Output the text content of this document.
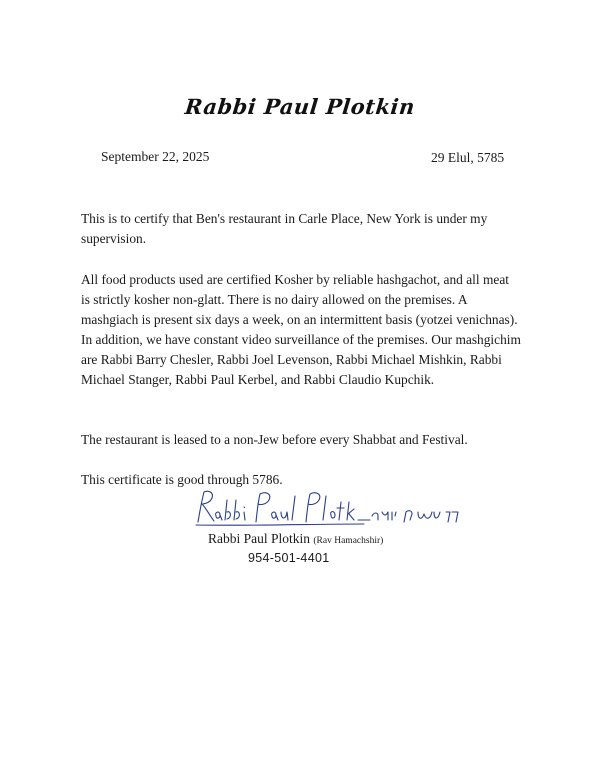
Rabbi Paul Plotkin
September 22, 2025	29 Elul, 5785

This is to certify that Ben's restaurant in Carle Place, New York is under my supervision.

All food products used are certified Kosher by reliable hashgachot, and all meat is strictly kosher non-glatt. There is no dairy allowed on the premises. A mashgiach is present six days a week, on an intermittent basis (yotzei venichnas). In addition, we have constant video surveillance of the premises. Our mashgichim are Rabbi Barry Chesler, Rabbi Joel Levenson, Rabbi Michael Mishkin, Rabbi Michael Stanger, Rabbi Paul Kerbel, and Rabbi Claudio Kupchik.

The restaurant is leased to a non-Jew before every Shabbat and Festival.

This certificate is good through 5786.

Rabbi Paul Plotkin (Rav Hamachshir)
954-501-4401
